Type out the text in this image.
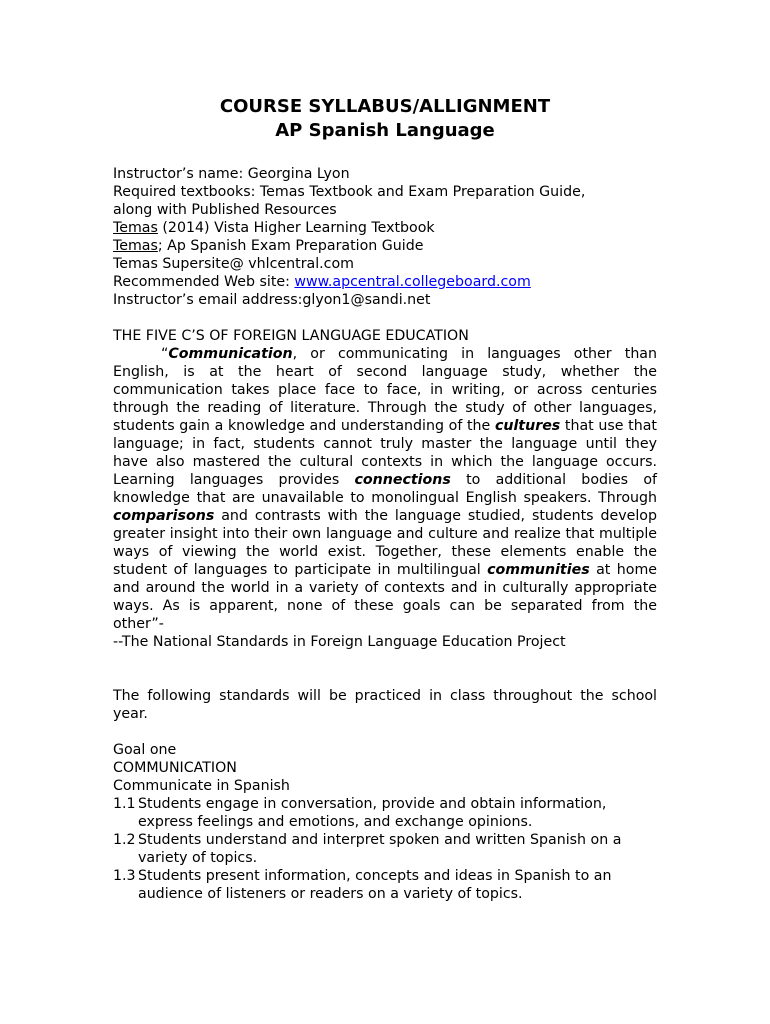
COURSE SYLLABUS/ALLIGNMENT

AP Spanish Language

Instructor’s name: Georgina Lyon

Required textbooks: Temas Textbook and Exam Preparation Guide,

along with Published Resources

Temas (2014) Vista Higher Learning Textbook

Temas; Ap Spanish Exam Preparation Guide

Temas Supersite@ vhlcentral.com

Recommended Web site: www.apcentral.collegeboard.com

Instructor’s email address:glyon1@sandi.net

THE FIVE C’S OF FOREIGN LANGUAGE EDUCATION

“Communication, or communicating in languages other than English, is at the heart of second language study, whether the communication takes place face to face, in writing, or across centuries through the reading of literature. Through the study of other languages, students gain a knowledge and understanding of the cultures that use that language; in fact, students cannot truly master the language until they have also mastered the cultural contexts in which the language occurs. Learning languages provides connections to additional bodies of knowledge that are unavailable to monolingual English speakers. Through comparisons and contrasts with the language studied, students develop greater insight into their own language and culture and realize that multiple ways of viewing the world exist. Together, these elements enable the student of languages to participate in multilingual communities at home and around the world in a variety of contexts and in culturally appropriate ways. As is apparent, none of these goals can be separated from the other”-

--The National Standards in Foreign Language Education Project

The following standards will be practiced in class throughout the school year.

Goal one

COMMUNICATION

Communicate in Spanish

1.1 Students engage in conversation, provide and obtain information, express feelings and emotions, and exchange opinions.
1.2 Students understand and interpret spoken and written Spanish on a variety of topics.
1.3 Students present information, concepts and ideas in Spanish to an audience of listeners or readers on a variety of topics.
